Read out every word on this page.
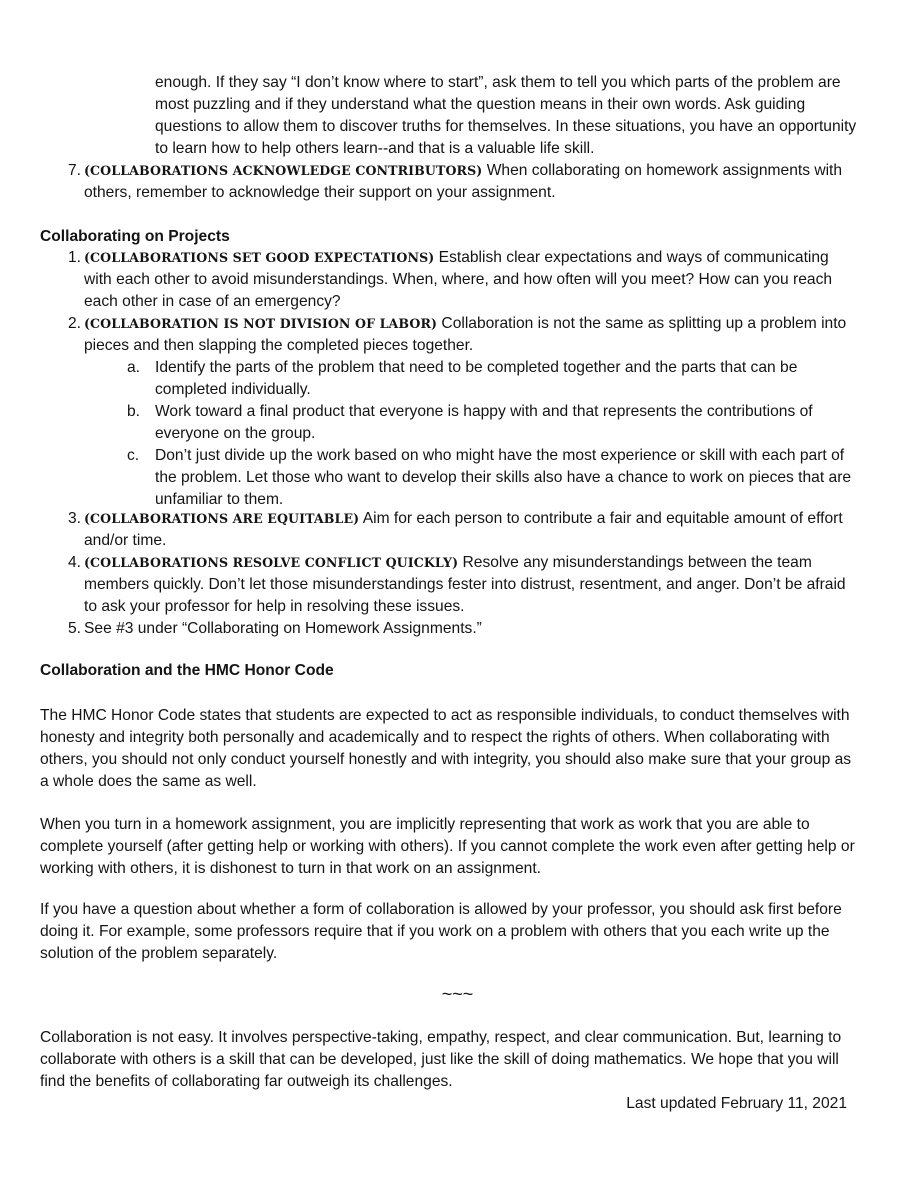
enough. If they say “I don’t know where to start”, ask them to tell you which parts of the problem are most puzzling and if they understand what the question means in their own words. Ask guiding questions to allow them to discover truths for themselves. In these situations, you have an opportunity to learn how to help others learn--and that is a valuable life skill.

7. (COLLABORATIONS ACKNOWLEDGE CONTRIBUTORS) When collaborating on homework assignments with others, remember to acknowledge their support on your assignment.
Collaborating on Projects
1. (COLLABORATIONS SET GOOD EXPECTATIONS) Establish clear expectations and ways of communicating with each other to avoid misunderstandings. When, where, and how often will you meet? How can you reach each other in case of an emergency?
2. (COLLABORATION IS NOT DIVISION OF LABOR) Collaboration is not the same as splitting up a problem into pieces and then slapping the completed pieces together.
a. Identify the parts of the problem that need to be completed together and the parts that can be completed individually.
b. Work toward a final product that everyone is happy with and that represents the contributions of everyone on the group.
c. Don’t just divide up the work based on who might have the most experience or skill with each part of the problem. Let those who want to develop their skills also have a chance to work on pieces that are unfamiliar to them.
3. (COLLABORATIONS ARE EQUITABLE) Aim for each person to contribute a fair and equitable amount of effort and/or time.
4. (COLLABORATIONS RESOLVE CONFLICT QUICKLY) Resolve any misunderstandings between the team members quickly. Don’t let those misunderstandings fester into distrust, resentment, and anger. Don’t be afraid to ask your professor for help in resolving these issues.
5. See #3 under “Collaborating on Homework Assignments.”
Collaboration and the HMC Honor Code

The HMC Honor Code states that students are expected to act as responsible individuals, to conduct themselves with honesty and integrity both personally and academically and to respect the rights of others. When collaborating with others, you should not only conduct yourself honestly and with integrity, you should also make sure that your group as a whole does the same as well.

When you turn in a homework assignment, you are implicitly representing that work as work that you are able to complete yourself (after getting help or working with others). If you cannot complete the work even after getting help or working with others, it is dishonest to turn in that work on an assignment.

If you have a question about whether a form of collaboration is allowed by your professor, you should ask first before doing it. For example, some professors require that if you work on a problem with others that you each write up the solution of the problem separately.

~~~

Collaboration is not easy. It involves perspective-taking, empathy, respect, and clear communication. But, learning to collaborate with others is a skill that can be developed, just like the skill of doing mathematics. We hope that you will find the benefits of collaborating far outweigh its challenges.

Last updated February 11, 2021
